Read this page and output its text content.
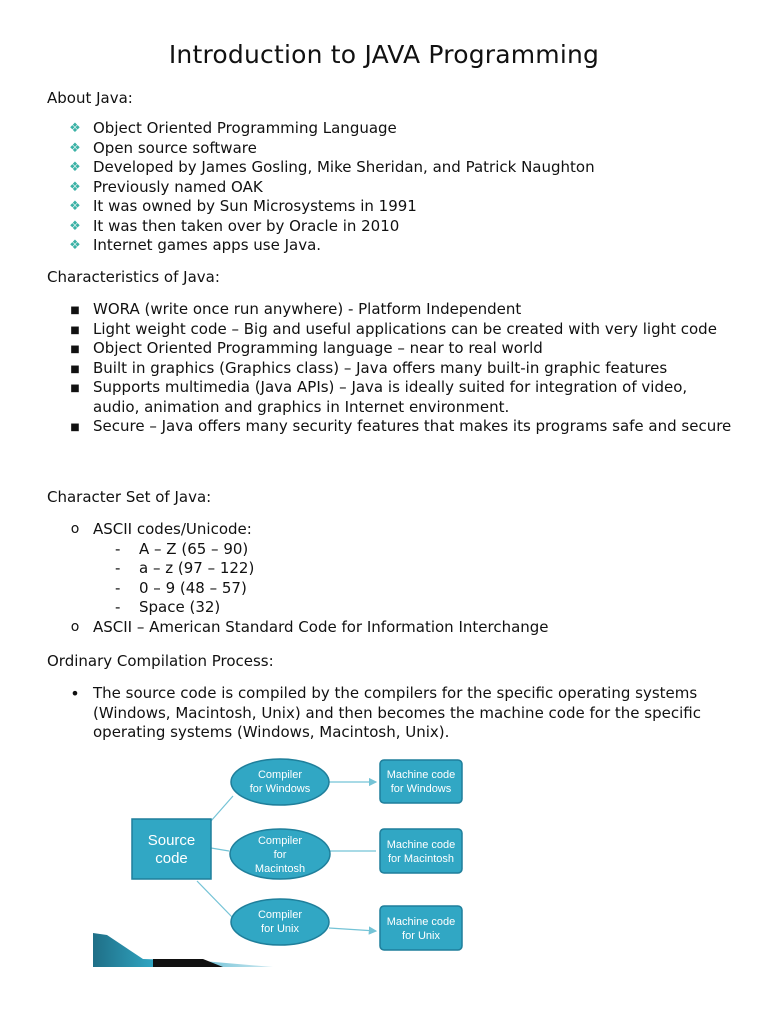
Introduction to JAVA Programming
About Java:
❖ Object Oriented Programming Language
❖ Open source software
❖ Developed by James Gosling, Mike Sheridan, and Patrick Naughton
❖ Previously named OAK
❖ It was owned by Sun Microsystems in 1991
❖ It was then taken over by Oracle in 2010
❖ Internet games apps use Java.
Characteristics of Java:
■ WORA (write once run anywhere) - Platform Independent
■ Light weight code – Big and useful applications can be created with very light code
■ Object Oriented Programming language – near to real world
■ Built in graphics (Graphics class) – Java offers many built-in graphic features
■ Supports multimedia (Java APIs) – Java is ideally suited for integration of video, audio, animation and graphics in Internet environment.
■ Secure – Java offers many security features that makes its programs safe and secure
Character Set of Java:
o ASCII codes/Unicode:
- A – Z (65 – 90)
- a – z (97 – 122)
- 0 – 9 (48 – 57)
- Space (32)
o ASCII – American Standard Code for Information Interchange
Ordinary Compilation Process:
• The source code is compiled by the compilers for the specific operating systems (Windows, Macintosh, Unix) and then becomes the machine code for the specific operating systems (Windows, Macintosh, Unix).
Source
code
Compiler
for Windows
Compiler
for
Macintosh
Compiler
for Unix
Machine code
for Windows
Machine code
for Macintosh
Machine code
for Unix
